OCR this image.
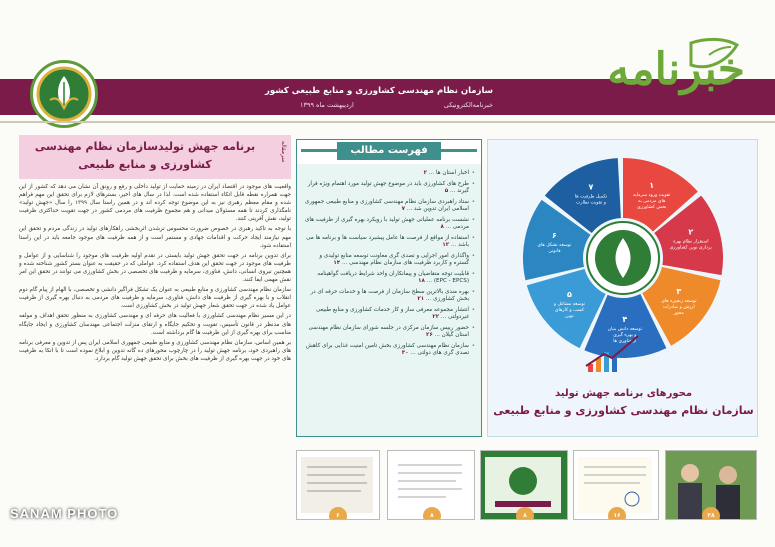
سازمان نظام مهندسی کشاورزی و منابع طبیعی کشور
خبرنامه‌الکترونیکی
اردیبهشت ماه ۱۳۹۹
خبرنامه
سرمقاله
برنامه جهش تولیدسازمان نظام مهندسی
کشاورزی و منابع طبیعی

واقعیت های موجود در اقتصاد ایران در زمینه حمایت از تولید داخلی و رفع و رونق آن نشان می دهد که کشور از این جهت همراره نقطه قابل اتکاء استفاده شده است. لذا در سال های اخیر، بسترهای لازم برای تحقق این مهم فراهم شده و مقام معظم رهبری نیز به این موضوع توجه کرده اند و در همین راستا سال ۱۳۹۹ را سال «جهش تولید» نامگذاری کردند تا همه مسئولان میدانی و هم مجموع ظرفیت های مردمی کشور در جهت تقویت حداکثری ظرفیت تولید، نقش آفرینی کنند.

با توجه به تاکید رهبری در خصوص ضرورت محسوس ترشدن اثربخشی راهکارهای تولید در زندگی مردم و تحقق این مهم نیازمند ایجاد حرکت و اقدامات جهادی و مستمر است و از همه ظرفیت های موجود جامعه باید در این راستا استفاده شود.

برای تدوین برنامه در جهت تحقق جهش تولید بایستی در تقدم اولیه ظرفیت های موجود را شناسایی و از عوامل و ظرفیت های موجود در جهت تحقق این هدف استفاده کرد. عواملی که در حقیقت به عنوان بستر کشور شناخته شده و همچنین نیروی انسانی، دانش، فناوری، سرمایه و ظرفیت های تخصصی در بخش کشاورزی می توانند در تحقق این امر نقش مهمی ایفا کنند.

سازمان نظام مهندسی کشاورزی و منابع طبیعی به عنوان یک تشکل فراگیر دانشی و تخصصی، با الهام از پیام گام دوم انقلاب و با بهره گیری از ظرفیت های دانش، فناوری، سرمایه و ظرفیت های مردمی به دنبال بهره گیری از ظرفیت عوامل یاد شده در جهت تحقق شعار جهش تولید در بخش کشاورزی است.

در این مسیر نظام مهندسی کشاورزی با فعالیت های حرفه ای و مهندسی کشاورزی به منظور تحقق اهداف و مولفه های مدنظر در قانون تأسیس، تقویت و تحکیم جایگاه و ارتقای منزلت اجتماعی مهندسان کشاورزی و ایجاد جایگاه مناسب برای بهره گیری از این ظرفیت ها گام برداشته است.

بر همین اساس، سازمان نظام مهندسی کشاورزی و منابع طبیعی جمهوری اسلامی ایران پس از تدوین و معرفی برنامه های راهبردی خود، برنامه جهش تولید را در چارچوب محورهای ده گانه تدوین و ابلاغ نموده است تا با اتکا به ظرفیت های خود در جهت بهره گیری از ظرفیت های بخش برای تحقق جهش تولید گام بردارد.

فهرست مطالب
• اخبار استان ها ... ۲
• طرح های کشاورزی باید در موضوع جهش تولید مورد اهتمام ویژه قرار گیرند ... ۵
• ستاد راهبردی سازمان نظام مهندسی کشاورزی و منابع طبیعی جمهوری اسلامی ایران تدوین شد ... ۷
• نشست برنامه عملیاتی جهش تولید با رویکرد بهره گیری از ظرفیت های مردمی ... ۸
• استفاده از مواقع از فرصت ها عامل پیشبرد سیاست ها و برنامه ها می باشد ... ۱۲
• واگذاری امور اجرایی و تصدی گری معاونت توسعه منابع تولیدی و گستره و کاربرد ظرفیت های سازمان نظام مهندسی ... ۱۴
• قابلیت توجه متقاضیان و پیمانکاران واحد شرایط دریافت گواهینامه (EPC - EPCS) ... ۱۸
• بهره مندی بالاترین سطح سازمان از فرصت ها و خدمات حرفه ای در بخش کشاورزی ... ۲۱
• انتشار مجموعه معرفی ساز و کار خدمات کشاورزی و منابع طبیعی غیردولتی ... ۲۲
• حضور رییس سازمان مرکزی در جلسه شورای سازمان نظام مهندسی استان گیلان ... ۲۶
• سازمان نظام مهندسی کشاورزی بخش تامین امنیت غذایی برای کاهش تصدی گری های دولتی ... ۳۰
۱
تقویت ورود سرمایه
های مردمی به
بخش کشاورزی
۲
استقرار نظام بهره
برداری نوین کشاورزی
۳
توسعه زنجیره های
ارزش و صادرات
محور
۴
توسعه دانش بنیان
و بهره گیری
از فناوری ها
۵
توسعه مشاغل و
کسب و کارهای
نوین
۶
توسعه تشکل های
قانونی
۷
تکمیل ظرفیت ها
و تقویت نظارت
محورهای برنامه جهش تولید
سازمان نظام مهندسی کشاورزی و منابع طبیعی
۶	۸	۸	۱۶	۲۸
SANAM PHOTO
